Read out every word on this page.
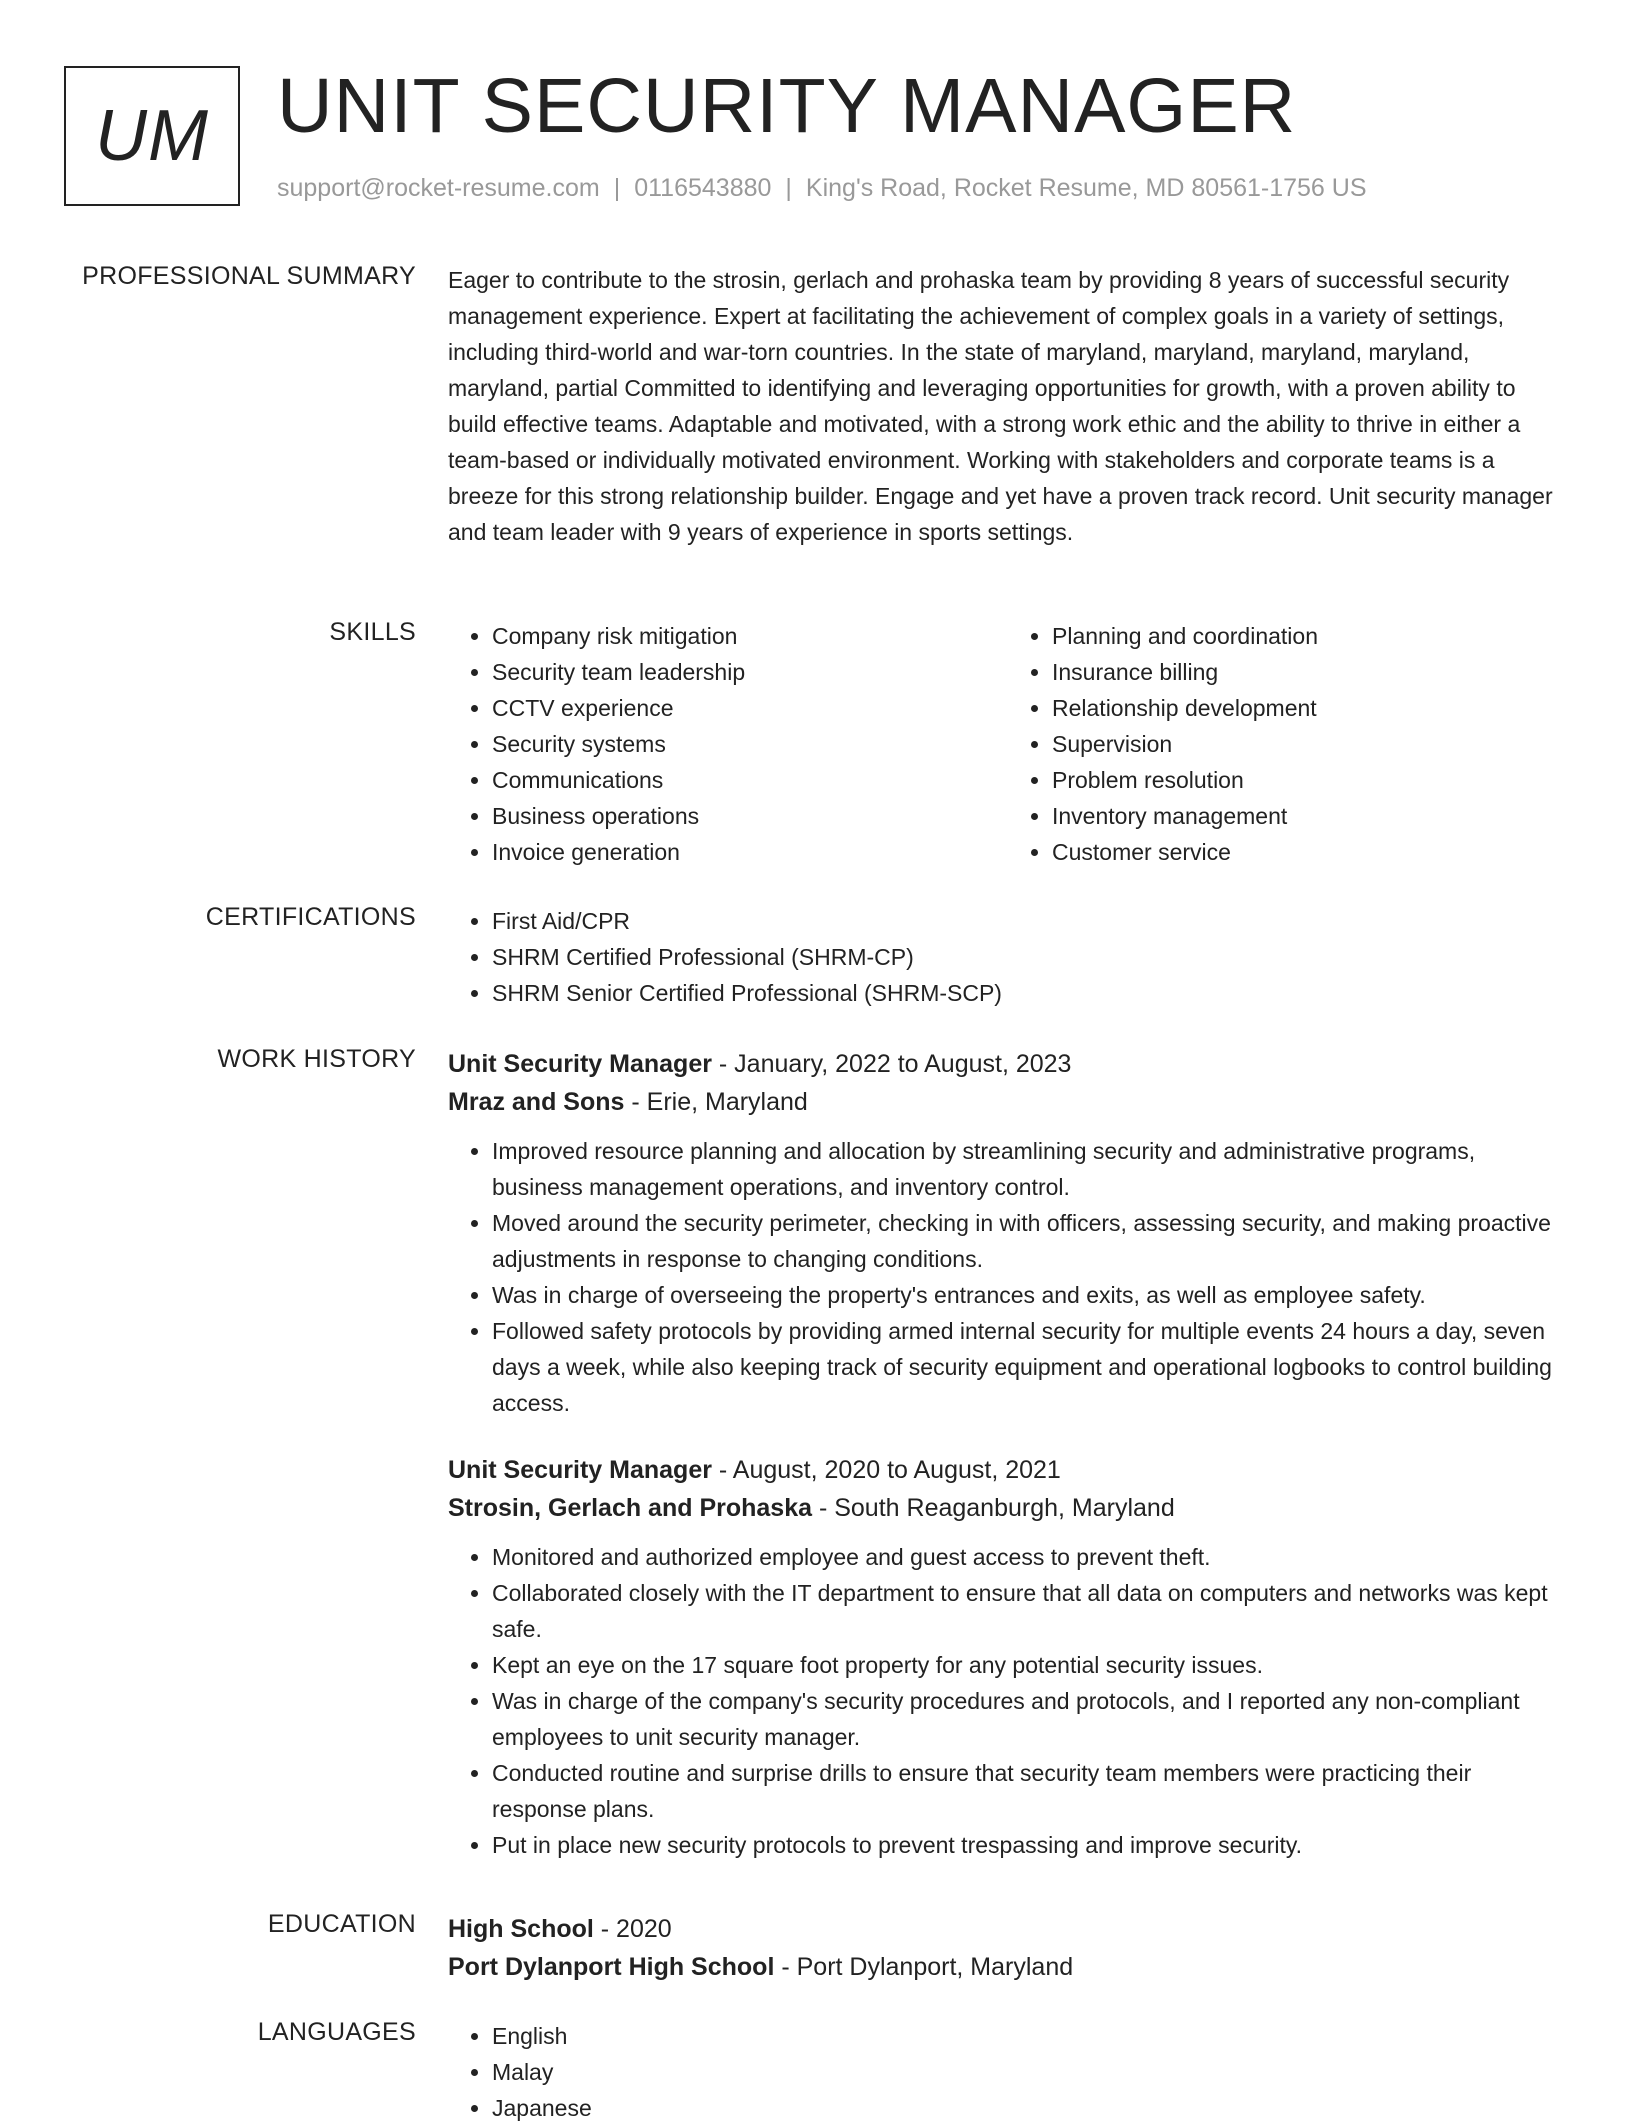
UM UNIT SECURITY MANAGER
support@rocket-resume.com | 0116543880 | King's Road, Rocket Resume, MD 80561-1756 US
PROFESSIONAL SUMMARY Eager to contribute to the strosin, gerlach and prohaska team by providing 8 years of successful security management experience. Expert at facilitating the achievement of complex goals in a variety of settings, including third-world and war-torn countries. In the state of maryland, maryland, maryland, maryland, maryland, partial Committed to identifying and leveraging opportunities for growth, with a proven ability to build effective teams. Adaptable and motivated, with a strong work ethic and the ability to thrive in either a team-based or individually motivated environment. Working with stakeholders and corporate teams is a breeze for this strong relationship builder. Engage and yet have a proven track record. Unit security manager and team leader with 9 years of experience in sports settings.

SKILLS	• Company risk mitigation
• Security team leadership
• CCTV experience
• Security systems
• Communications
• Business operations
• Invoice generation
• Planning and coordination
• Insurance billing
• Relationship development
• Supervision
• Problem resolution
• Inventory management
• Customer service
CERTIFICATIONS	• First Aid/CPR
• SHRM Certified Professional (SHRM-CP)
• SHRM Senior Certified Professional (SHRM-SCP)
WORK HISTORY Unit Security Manager - January, 2022 to August, 2023
Mraz and Sons - Erie, Maryland
• Improved resource planning and allocation by streamlining security and administrative programs, business management operations, and inventory control.
• Moved around the security perimeter, checking in with officers, assessing security, and making proactive adjustments in response to changing conditions.
• Was in charge of overseeing the property's entrances and exits, as well as employee safety.
• Followed safety protocols by providing armed internal security for multiple events 24 hours a day, seven days a week, while also keeping track of security equipment and operational logbooks to control building access.
Unit Security Manager - August, 2020 to August, 2021
Strosin, Gerlach and Prohaska - South Reaganburgh, Maryland
• Monitored and authorized employee and guest access to prevent theft.
• Collaborated closely with the IT department to ensure that all data on computers and networks was kept safe.
• Kept an eye on the 17 square foot property for any potential security issues.
• Was in charge of the company's security procedures and protocols, and I reported any non-compliant employees to unit security manager.
• Conducted routine and surprise drills to ensure that security team members were practicing their response plans.
• Put in place new security protocols to prevent trespassing and improve security.
EDUCATION High School - 2020
Port Dylanport High School - Port Dylanport, Maryland
LANGUAGES	• English
• Malay
• Japanese
